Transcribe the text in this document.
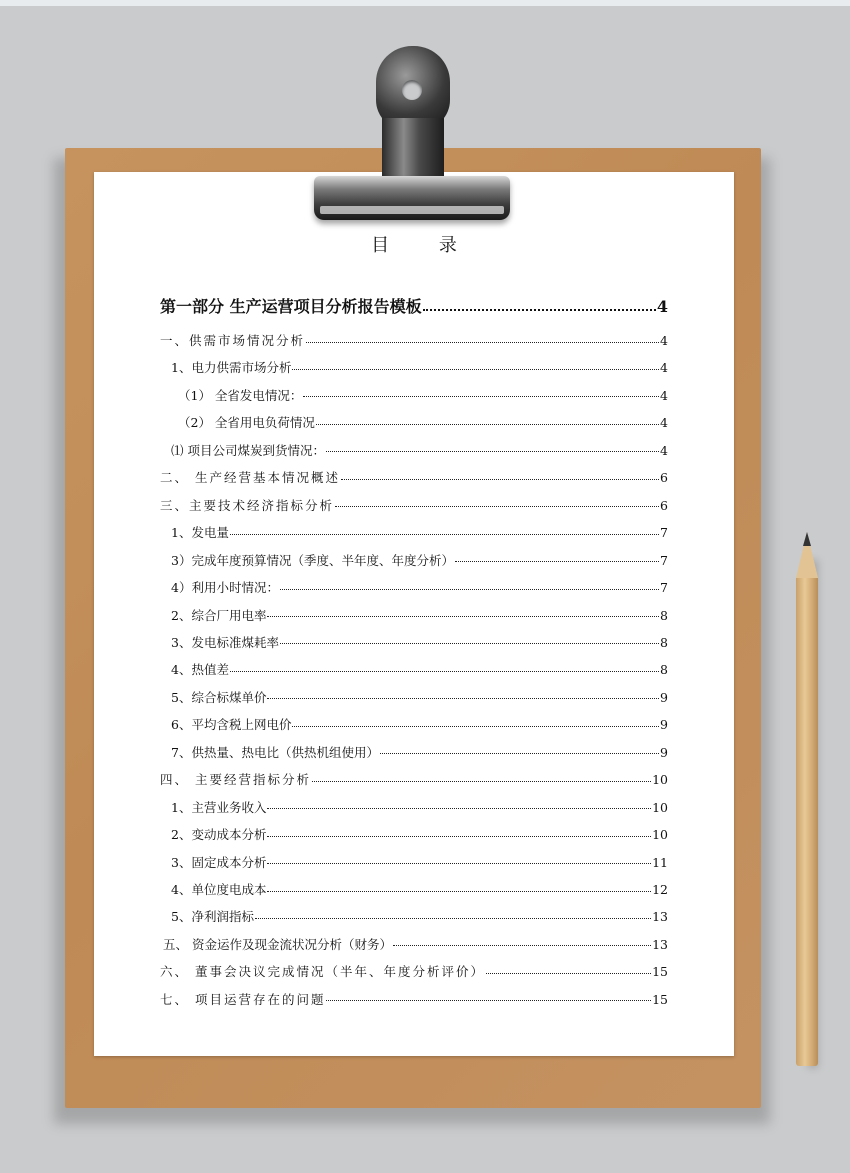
目 录
第一部分 生产运营项目分析报告模板	4
一、供需市场情况分析	4
1、电力供需市场分析	4
（1） 全省发电情况：	4
（2） 全省用电负荷情况	4
⑴ 项目公司煤炭到货情况：	4
二、 生产经营基本情况概述	6
三、主要技术经济指标分析	6
1、发电量	7
3）完成年度预算情况（季度、半年度、年度分析）	7
4）利用小时情况：	7
2、综合厂用电率	8
3、发电标准煤耗率	8
4、热值差	8
5、综合标煤单价	9
6、平均含税上网电价	9
7、供热量、热电比（供热机组使用）	9
四、 主要经营指标分析	10
1、主营业务收入	10
2、变动成本分析	10
3、固定成本分析	11
4、单位度电成本	12
5、净利润指标	13
五、 资金运作及现金流状况分析（财务）	13
六、 董事会决议完成情况（半年、年度分析评价）	15
七、 项目运营存在的问题	15
